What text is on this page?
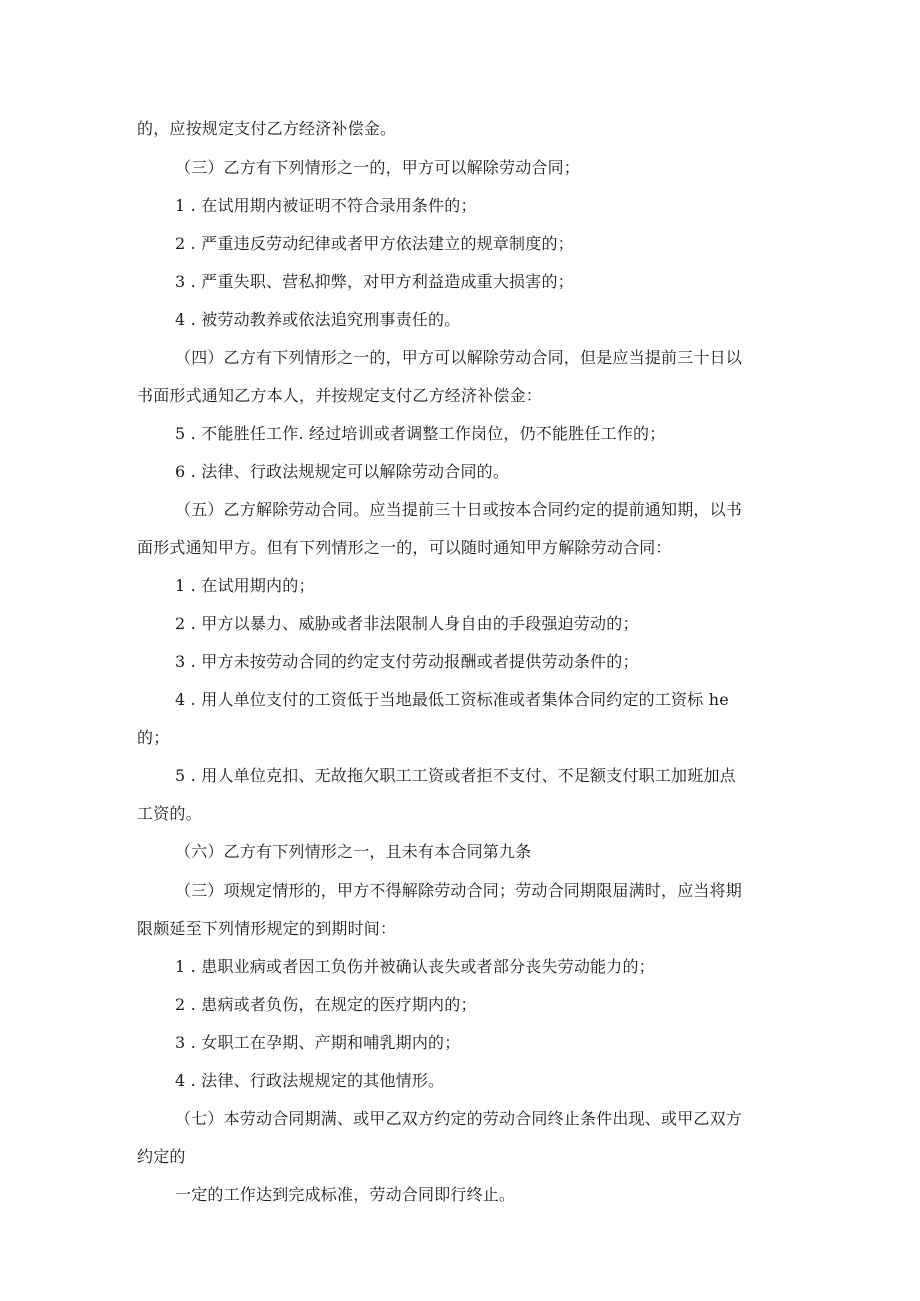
的，应按规定支付乙方经济补偿金。
（三）乙方有下列情形之一的，甲方可以解除劳动合同；
1 . 在试用期内被证明不符合录用条件的；
2 . 严重违反劳动纪律或者甲方依法建立的规章制度的；
3 . 严重失职、营私抑弊，对甲方利益造成重大损害的；
4 . 被劳动教养或依法追究刑事责任的。
（四）乙方有下列情形之一的，甲方可以解除劳动合同，但是应当提前三十日以
书面形式通知乙方本人，并按规定支付乙方经济补偿金：
5 . 不能胜任工作. 经过培训或者调整工作岗位，仍不能胜任工作的；
6 . 法律、行政法规规定可以解除劳动合同的。
（五）乙方解除劳动合同。应当提前三十日或按本合同约定的提前通知期，以书
面形式通知甲方。但有下列情形之一的，可以随时通知甲方解除劳动合同：
1 . 在试用期内的；
2 . 甲方以暴力、威胁或者非法限制人身自由的手段强迫劳动的；
3 . 甲方未按劳动合同的约定支付劳动报酬或者提供劳动条件的；
4 . 用人单位支付的工资低于当地最低工资标准或者集体合同约定的工资标 he
的；
5 . 用人单位克扣、无故拖欠职工工资或者拒不支付、不足额支付职工加班加点
工资的。
（六）乙方有下列情形之一，且未有本合同第九条
（三）项规定情形的，甲方不得解除劳动合同；劳动合同期限届满时，应当将期
限颇延至下列情形规定的到期时间：
1 . 患职业病或者因工负伤并被确认丧失或者部分丧失劳动能力的；
2 . 患病或者负伤，在规定的医疗期内的；
3 . 女职工在孕期、产期和哺乳期内的；
4 . 法律、行政法规规定的其他情形。
（七）本劳动合同期满、或甲乙双方约定的劳动合同终止条件出现、或甲乙双方
约定的
一定的工作达到完成标准，劳动合同即行终止。
